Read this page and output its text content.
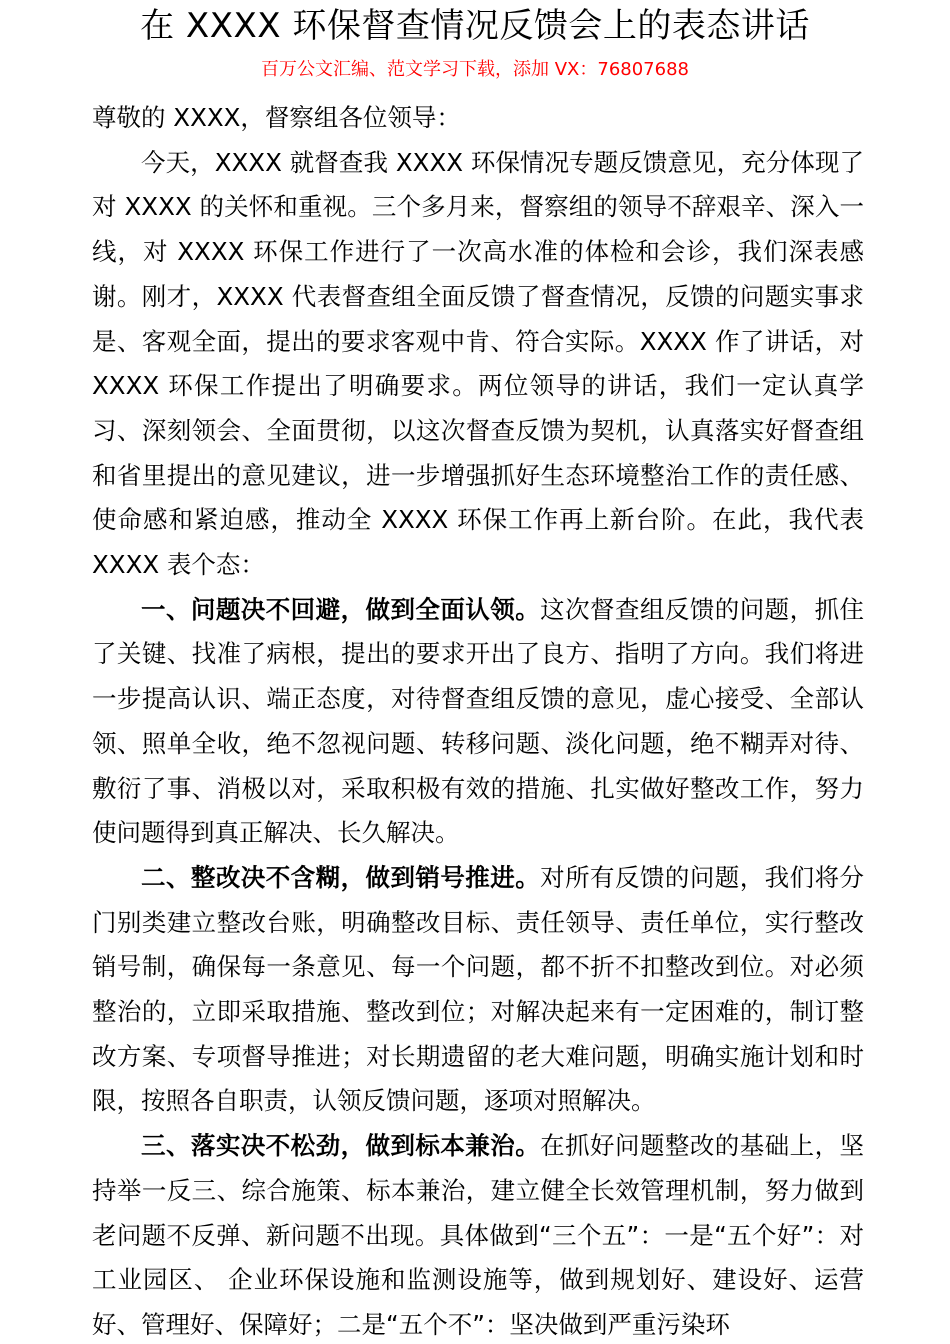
在 XXXX 环保督查情况反馈会上的表态讲话
百万公文汇编、范文学习下载，添加 VX：76807688

尊敬的 XXXX，督察组各位领导：

今天，XXXX 就督查我 XXXX 环保情况专题反馈意见，充分体现了对 XXXX 的关怀和重视。三个多月来，督察组的领导不辞艰辛、深入一线，对 XXXX 环保工作进行了一次高水准的体检和会诊，我们深表感谢。刚才，XXXX 代表督查组全面反馈了督查情况，反馈的问题实事求是、客观全面，提出的要求客观中肯、符合实际。XXXX 作了讲话，对 XXXX 环保工作提出了明确要求。两位领导的讲话，我们一定认真学习、深刻领会、全面贯彻，以这次督查反馈为契机，认真落实好督查组和省里提出的意见建议，进一步增强抓好生态环境整治工作的责任感、使命感和紧迫感，推动全 XXXX 环保工作再上新台阶。在此，我代表 XXXX 表个态：

一、问题决不回避，做到全面认领。这次督查组反馈的问题，抓住了关键、找准了病根，提出的要求开出了良方、指明了方向。我们将进一步提高认识、端正态度，对待督查组反馈的意见，虚心接受、全部认领、照单全收，绝不忽视问题、转移问题、淡化问题，绝不糊弄对待、敷衍了事、消极以对，采取积极有效的措施、扎实做好整改工作，努力使问题得到真正解决、长久解决。

二、整改决不含糊，做到销号推进。对所有反馈的问题，我们将分门别类建立整改台账，明确整改目标、责任领导、责任单位，实行整改销号制，确保每一条意见、每一个问题，都不折不扣整改到位。对必须整治的，立即采取措施、整改到位；对解决起来有一定困难的，制订整改方案、专项督导推进；对长期遗留的老大难问题，明确实施计划和时限，按照各自职责，认领反馈问题，逐项对照解决。

三、落实决不松劲，做到标本兼治。在抓好问题整改的基础上，坚持举一反三、综合施策、标本兼治，建立健全长效管理机制，努力做到老问题不反弹、新问题不出现。具体做到“三个五”：一是“五个好”：对工业园区、 企业环保设施和监测设施等，做到规划好、建设好、运营好、管理好、保障好；二是“五个不”：坚决做到严重污染环
